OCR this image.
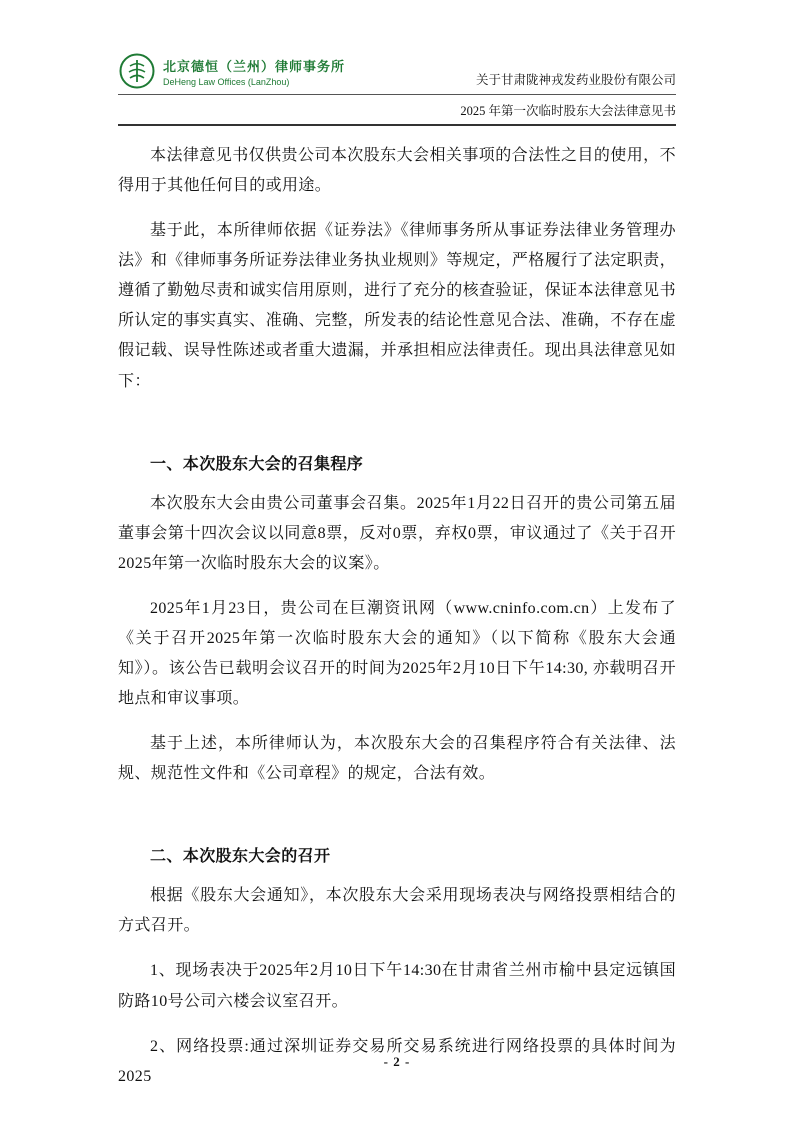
北京德恒（兰州）律师事务所
DeHeng Law Offices (LanZhou)	关于甘肃陇神戎发药业股份有限公司
2025 年第一次临时股东大会法律意见书

本法律意见书仅供贵公司本次股东大会相关事项的合法性之目的使用，不得用于其他任何目的或用途。

基于此，本所律师依据《证券法》《律师事务所从事证券法律业务管理办法》和《律师事务所证券法律业务执业规则》等规定，严格履行了法定职责，遵循了勤勉尽责和诚实信用原则，进行了充分的核查验证，保证本法律意见书所认定的事实真实、准确、完整，所发表的结论性意见合法、准确，不存在虚假记载、误导性陈述或者重大遗漏，并承担相应法律责任。现出具法律意见如下：

一、本次股东大会的召集程序

本次股东大会由贵公司董事会召集。2025年1月22日召开的贵公司第五届董事会第十四次会议以同意8票，反对0票，弃权0票，审议通过了《关于召开2025年第一次临时股东大会的议案》。

2025年1月23日，贵公司在巨潮资讯网（www.cninfo.com.cn）上发布了《关于召开2025年第一次临时股东大会的通知》（以下简称《股东大会通知》）。该公告已载明会议召开的时间为2025年2月10日下午14:30, 亦载明召开地点和审议事项。

基于上述，本所律师认为，本次股东大会的召集程序符合有关法律、法规、规范性文件和《公司章程》的规定，合法有效。

二、本次股东大会的召开

根据《股东大会通知》，本次股东大会采用现场表决与网络投票相结合的方式召开。

1、现场表决于2025年2月10日下午14:30在甘肃省兰州市榆中县定远镇国防路10号公司六楼会议室召开。

2、网络投票:通过深圳证券交易所交易系统进行网络投票的具体时间为2025

- 2 -
